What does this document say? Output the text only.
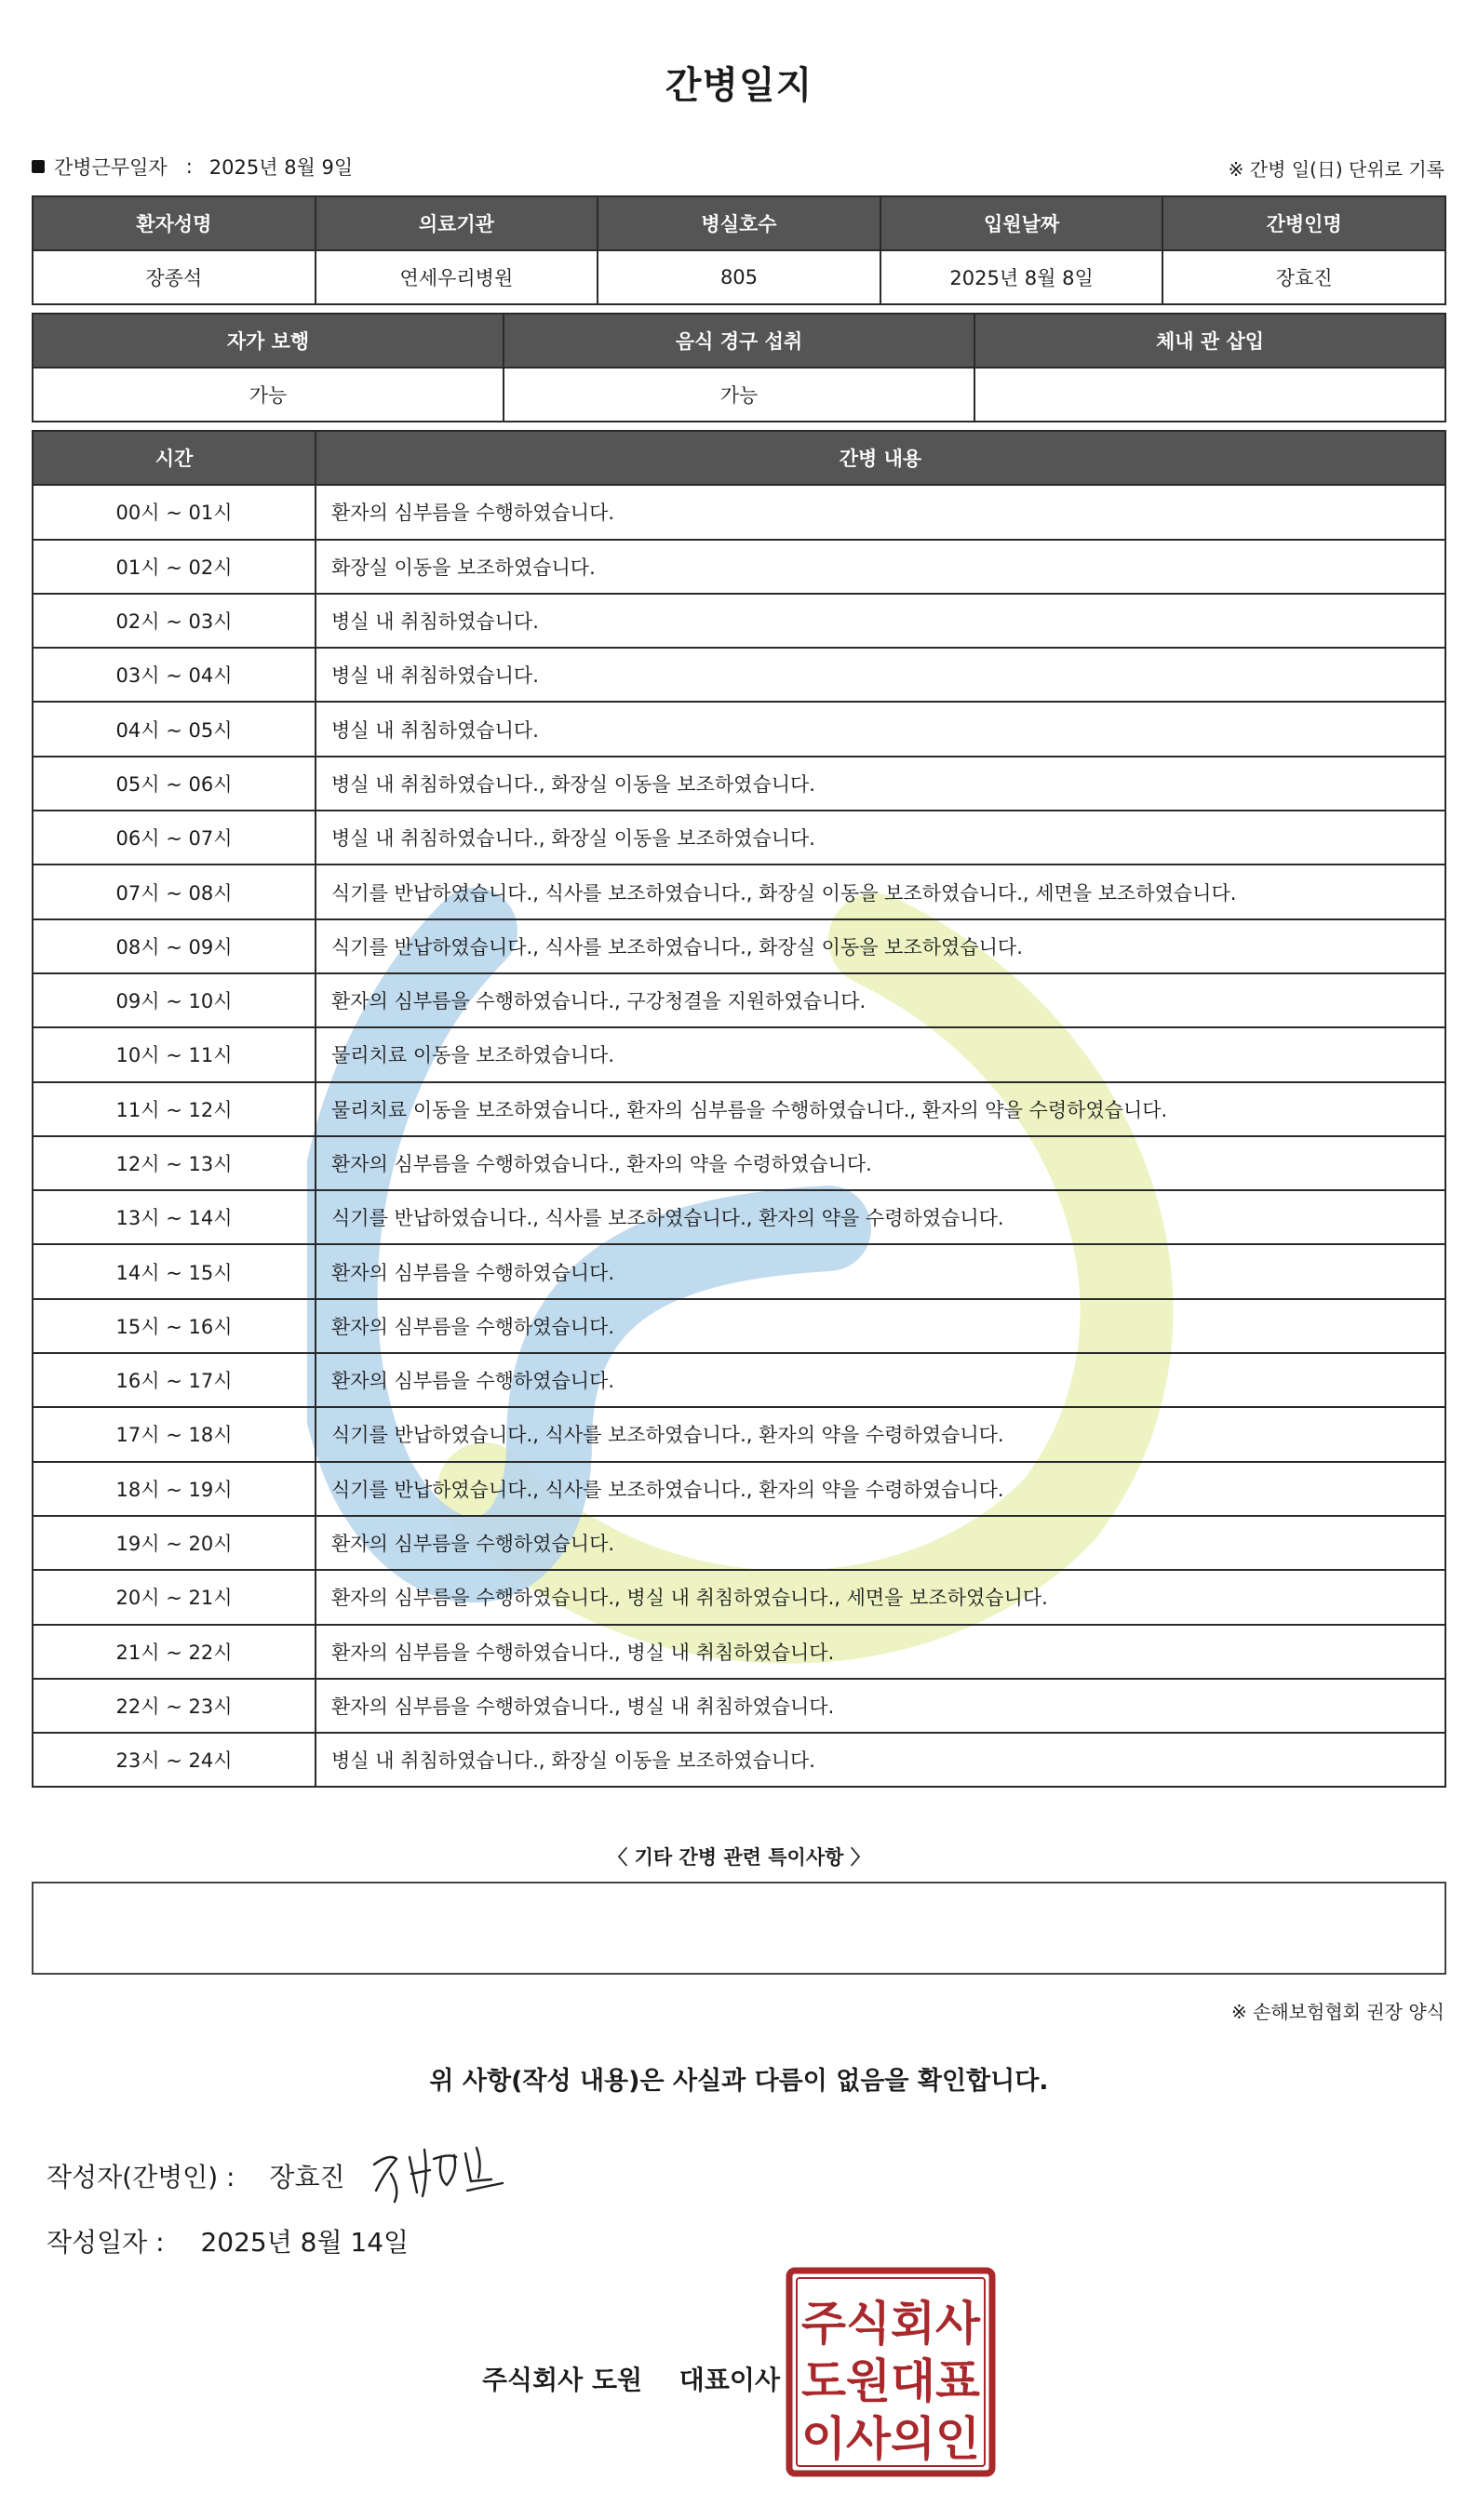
간병일지
간병근무일자 : 2025년 8월 9일	※ 간병 일(日) 단위로 기록
환자성명	의료기관	병실호수	입원날짜	간병인명
장종석	연세우리병원	805	2025년 8월 8일	장효진
자가 보행	음식 경구 섭취	체내 관 삽입
가능	가능	
시간	간병 내용
00시 ~ 01시	환자의 심부름을 수행하였습니다.
01시 ~ 02시	화장실 이동을 보조하였습니다.
02시 ~ 03시	병실 내 취침하였습니다.
03시 ~ 04시	병실 내 취침하였습니다.
04시 ~ 05시	병실 내 취침하였습니다.
05시 ~ 06시	병실 내 취침하였습니다., 화장실 이동을 보조하였습니다.
06시 ~ 07시	병실 내 취침하였습니다., 화장실 이동을 보조하였습니다.
07시 ~ 08시	식기를 반납하였습니다., 식사를 보조하였습니다., 화장실 이동을 보조하였습니다., 세면을 보조하였습니다.
08시 ~ 09시	식기를 반납하였습니다., 식사를 보조하였습니다., 화장실 이동을 보조하였습니다.
09시 ~ 10시	환자의 심부름을 수행하였습니다., 구강청결을 지원하였습니다.
10시 ~ 11시	물리치료 이동을 보조하였습니다.
11시 ~ 12시	물리치료 이동을 보조하였습니다., 환자의 심부름을 수행하였습니다., 환자의 약을 수령하였습니다.
12시 ~ 13시	환자의 심부름을 수행하였습니다., 환자의 약을 수령하였습니다.
13시 ~ 14시	식기를 반납하였습니다., 식사를 보조하였습니다., 환자의 약을 수령하였습니다.
14시 ~ 15시	환자의 심부름을 수행하였습니다.
15시 ~ 16시	환자의 심부름을 수행하였습니다.
16시 ~ 17시	환자의 심부름을 수행하였습니다.
17시 ~ 18시	식기를 반납하였습니다., 식사를 보조하였습니다., 환자의 약을 수령하였습니다.
18시 ~ 19시	식기를 반납하였습니다., 식사를 보조하였습니다., 환자의 약을 수령하였습니다.
19시 ~ 20시	환자의 심부름을 수행하였습니다.
20시 ~ 21시	환자의 심부름을 수행하였습니다., 병실 내 취침하였습니다., 세면을 보조하였습니다.
21시 ~ 22시	환자의 심부름을 수행하였습니다., 병실 내 취침하였습니다.
22시 ~ 23시	환자의 심부름을 수행하였습니다., 병실 내 취침하였습니다.
23시 ~ 24시	병실 내 취침하였습니다., 화장실 이동을 보조하였습니다.
〈 기타 간병 관련 특이사항 〉
※ 손해보험협회 권장 양식
위 사항(작성 내용)은 사실과 다름이 없음을 확인합니다.
작성자(간병인) : 장효진
작성일자 : 2025년 8월 14일
주식회사 도원 대표이사
주식회사
도원대표
이사의인
